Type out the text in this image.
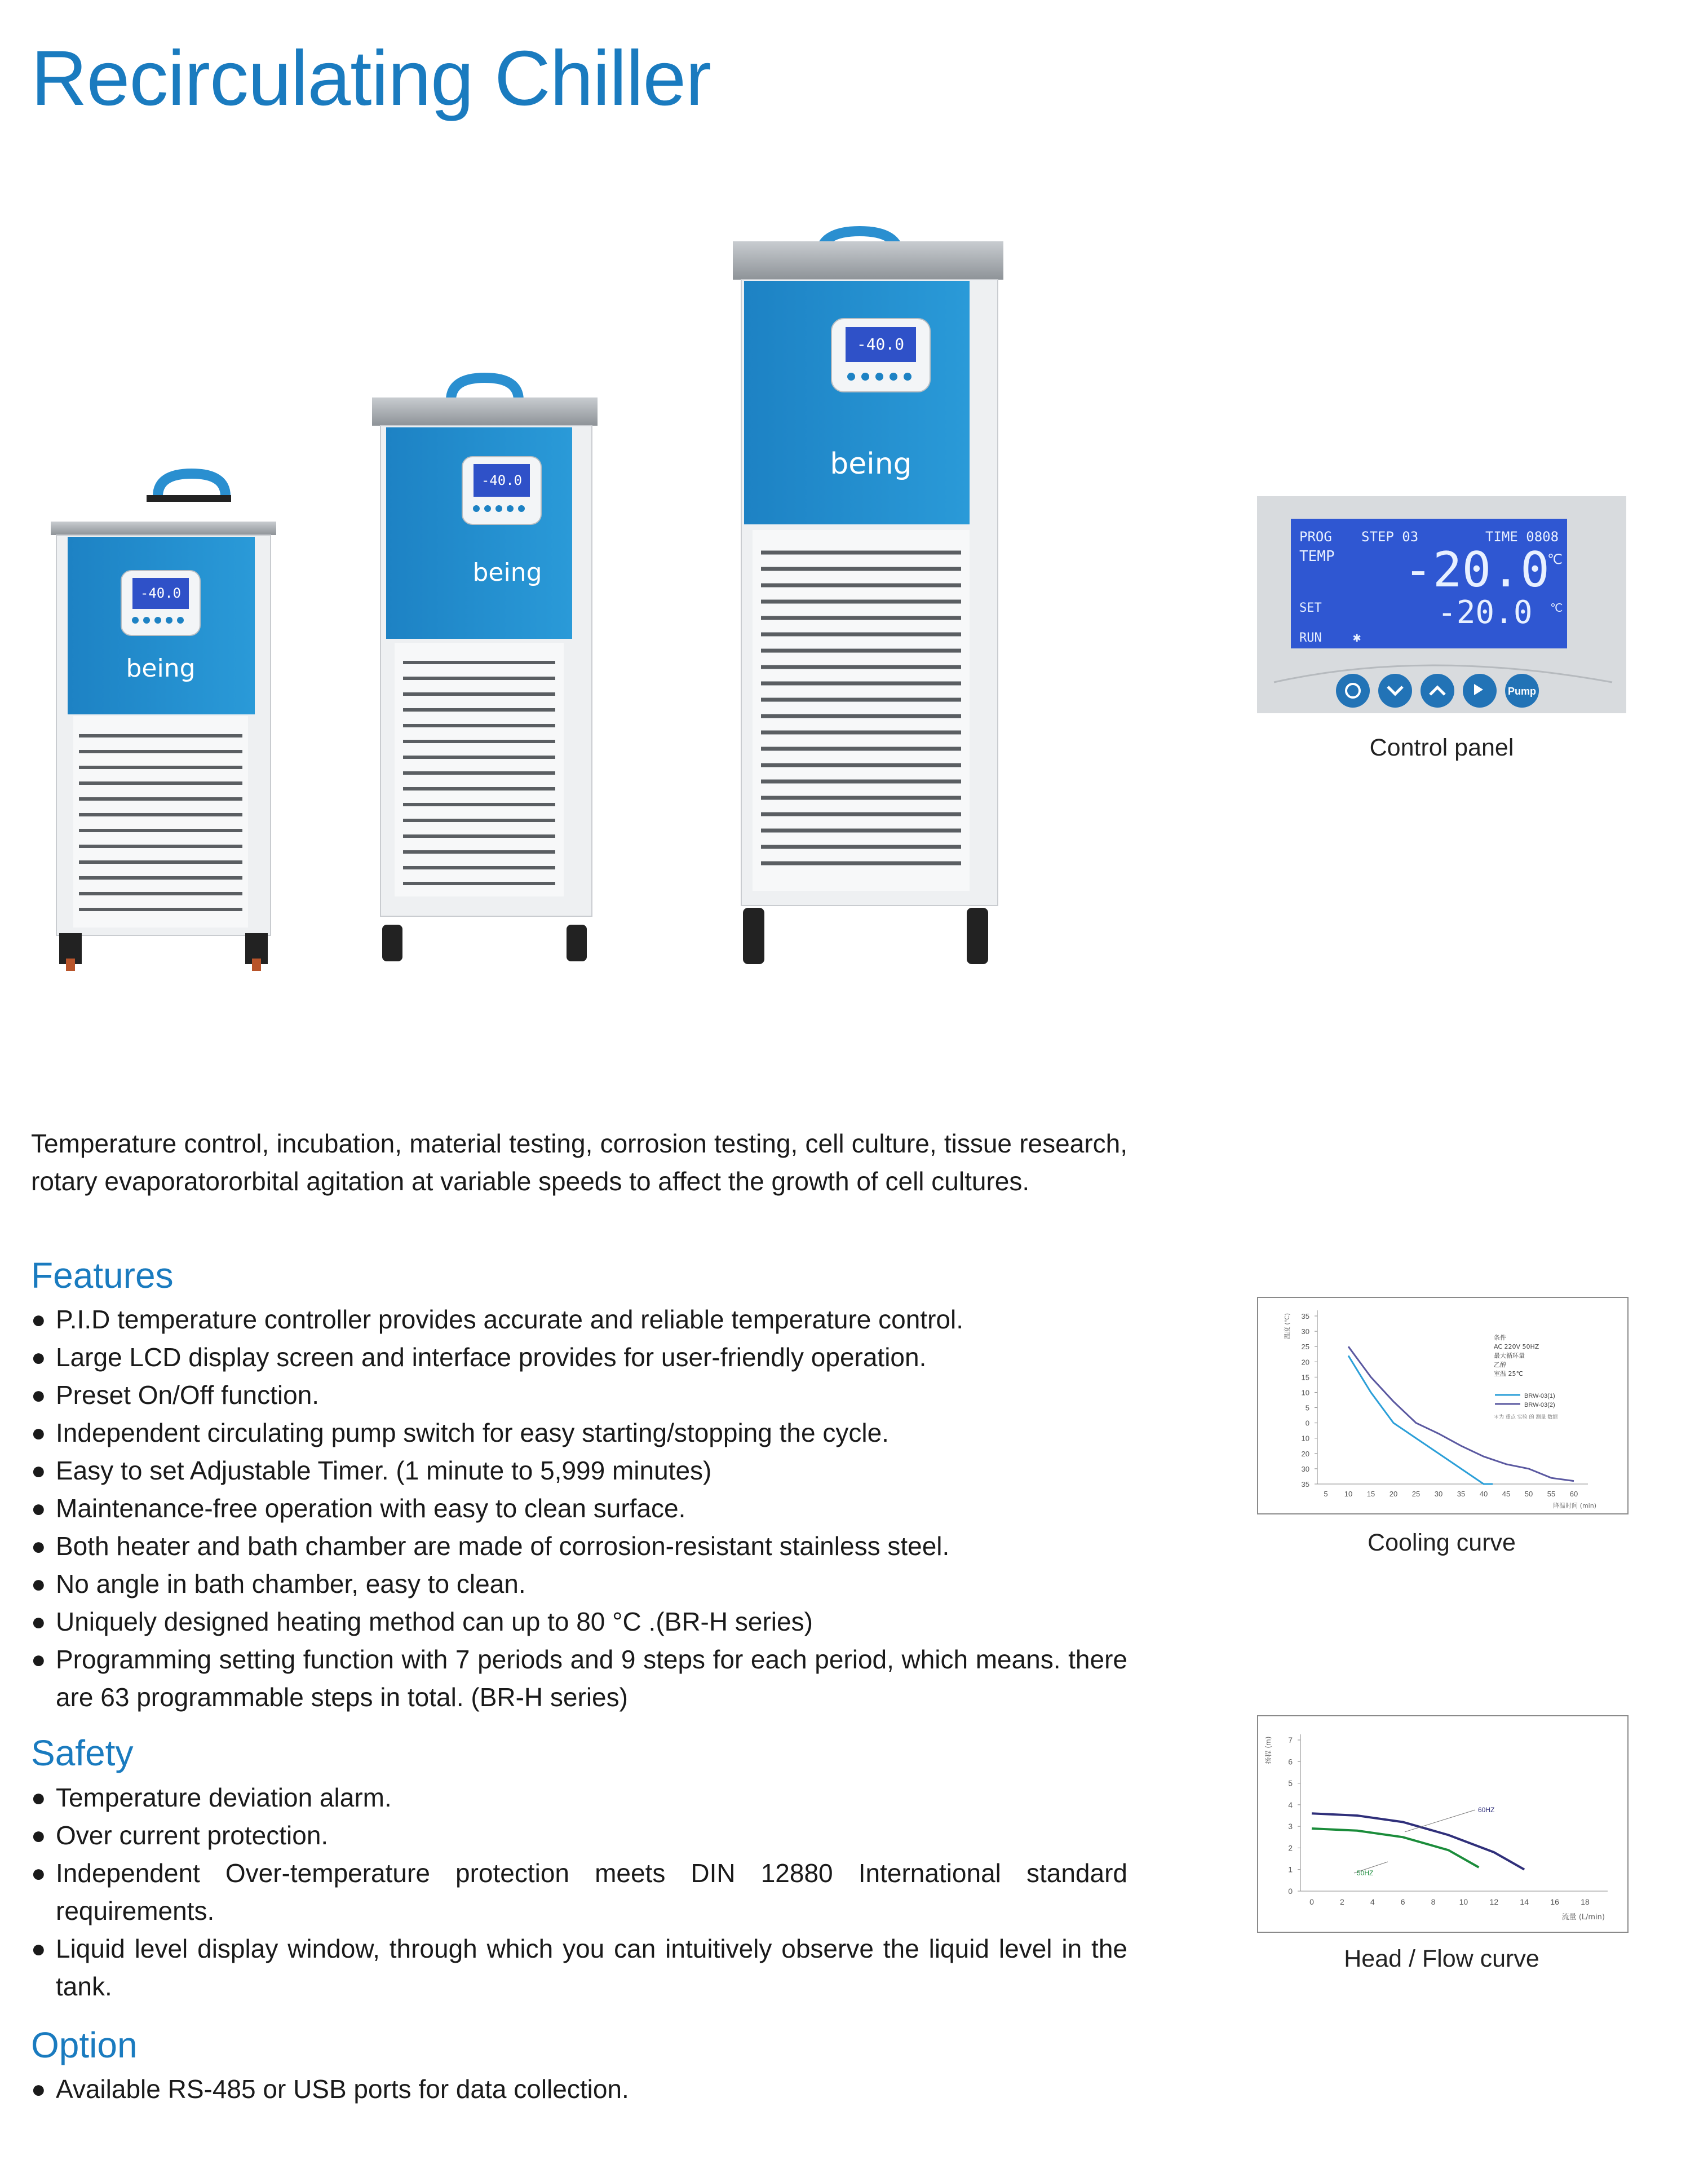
Recirculating Chiller
-40.0
being
-40.0
being
-40.0
being
PROG STEP 03	TIME 0808
TEMP -20.0
℃
SET	-20.0 ℃
RUN ✱
Pump
Control panel
35
30
25
20
15
10
5
0
10
20
30
35
5 10 15 20 25 30 35 40 45 50 55 60
温度 (℃)
降温时间 (min)
BRW-03(1)
BRW-03(2)
条件
AC 220V 50HZ
最大循环量
乙醇
室温 25℃
＊为 重点 实验 的 测量 数据
Cooling curve
0
1
2
3
4
5
6
7
0	2	4	6	8	10	12	14	16	18
扬程 (m)
流量 (L/min)
60HZ
50HZ
Head / Flow curve
Temperature control, incubation, material testing, corrosion testing, cell culture, tissue research, rotary evaporatororbital agitation at variable speeds to affect the growth of cell cultures.
Features
● P.I.D temperature controller provides accurate and reliable temperature control.
● Large LCD display screen and interface provides for user-friendly operation.
● Preset On/Off function.
● Independent circulating pump switch for easy starting/stopping the cycle.
● Easy to set Adjustable Timer. (1 minute to 5,999 minutes)
● Maintenance-free operation with easy to clean surface.
● Both heater and bath chamber are made of corrosion-resistant stainless steel.
● No angle in bath chamber, easy to clean.
● Uniquely designed heating method can up to 80 °C .(BR-H series)
● Programming setting function with 7 periods and 9 steps for each period, which means. there are 63 programmable steps in total. (BR-H series)
Safety
● Temperature deviation alarm.
● Over current protection.
● Independent Over-temperature protection meets DIN 12880 International standard requirements.
● Liquid level display window, through which you can intuitively observe the liquid level in the tank.
Option
● Available RS-485 or USB ports for data collection.
